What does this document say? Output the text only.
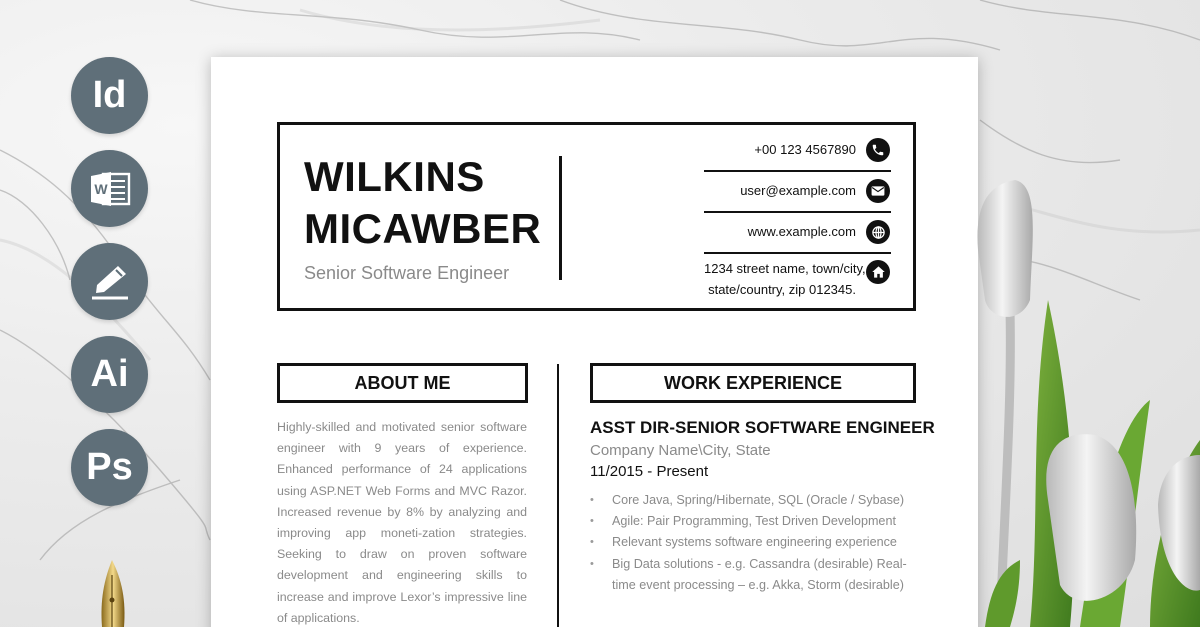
Id
W
Ai
Ps
WILKINS
MICAWBER
Senior Software Engineer
+00 123 4567890
user@example.com
www.example.com
1234 street name, town/city,
state/country, zip 012345.
ABOUT ME	WORK EXPERIENCE
Highly-skilled and motivated senior software engineer with 9 years of experience. Enhanced performance of 24 applications using ASP.NET Web Forms and MVC Razor. Increased revenue by 8% by analyzing and improving app moneti-zation strategies. Seeking to draw on proven software development and engineering skills to increase and improve Lexor’s impressive line of applications.
ASST DIR-SENIOR SOFTWARE ENGINEER
Company Name\City, State
11/2015 - Present
• Core Java, Spring/Hibernate, SQL (Oracle / Sybase)
• Agile: Pair Programming, Test Driven Development
• Relevant systems software engineering experience
• Big Data solutions - e.g. Cassandra (desirable) Real-time event processing – e.g. Akka, Storm (desirable)
